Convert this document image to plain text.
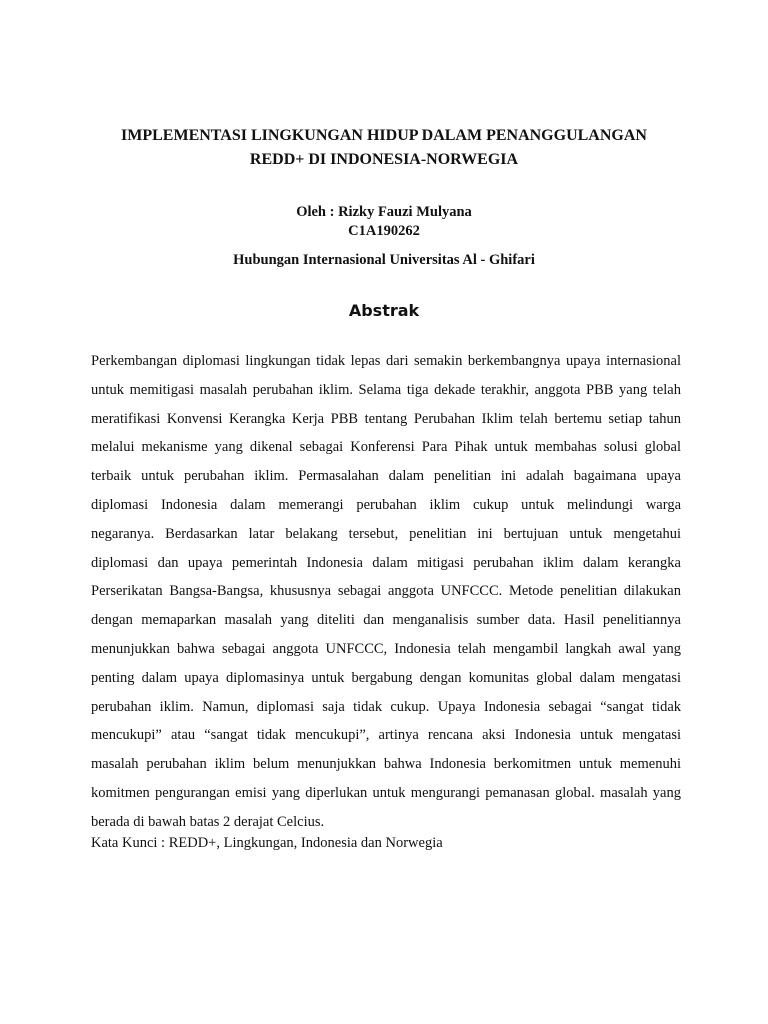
IMPLEMENTASI LINGKUNGAN HIDUP DALAM PENANGGULANGAN
REDD+ DI INDONESIA-NORWEGIA

Oleh : Rizky Fauzi Mulyana

C1A190262

Hubungan Internasional Universitas Al - Ghifari

Abstrak
Perkembangan diplomasi lingkungan tidak lepas dari semakin berkembangnya upaya internasional
untuk memitigasi masalah perubahan iklim. Selama tiga dekade terakhir, anggota PBB yang telah
meratifikasi Konvensi Kerangka Kerja PBB tentang Perubahan Iklim telah bertemu setiap tahun
melalui mekanisme yang dikenal sebagai Konferensi Para Pihak untuk membahas solusi global
terbaik untuk perubahan iklim. Permasalahan dalam penelitian ini adalah bagaimana upaya
diplomasi Indonesia dalam memerangi perubahan iklim cukup untuk melindungi warga
negaranya. Berdasarkan latar belakang tersebut, penelitian ini bertujuan untuk mengetahui
diplomasi dan upaya pemerintah Indonesia dalam mitigasi perubahan iklim dalam kerangka
Perserikatan Bangsa-Bangsa, khususnya sebagai anggota UNFCCC. Metode penelitian dilakukan
dengan memaparkan masalah yang diteliti dan menganalisis sumber data. Hasil penelitiannya
menunjukkan bahwa sebagai anggota UNFCCC, Indonesia telah mengambil langkah awal yang
penting dalam upaya diplomasinya untuk bergabung dengan komunitas global dalam mengatasi
perubahan iklim. Namun, diplomasi saja tidak cukup. Upaya Indonesia sebagai “sangat tidak
mencukupi” atau “sangat tidak mencukupi”, artinya rencana aksi Indonesia untuk mengatasi
masalah perubahan iklim belum menunjukkan bahwa Indonesia berkomitmen untuk memenuhi
komitmen pengurangan emisi yang diperlukan untuk mengurangi pemanasan global. masalah yang
berada di bawah batas 2 derajat Celcius.

Kata Kunci : REDD+, Lingkungan, Indonesia dan Norwegia
